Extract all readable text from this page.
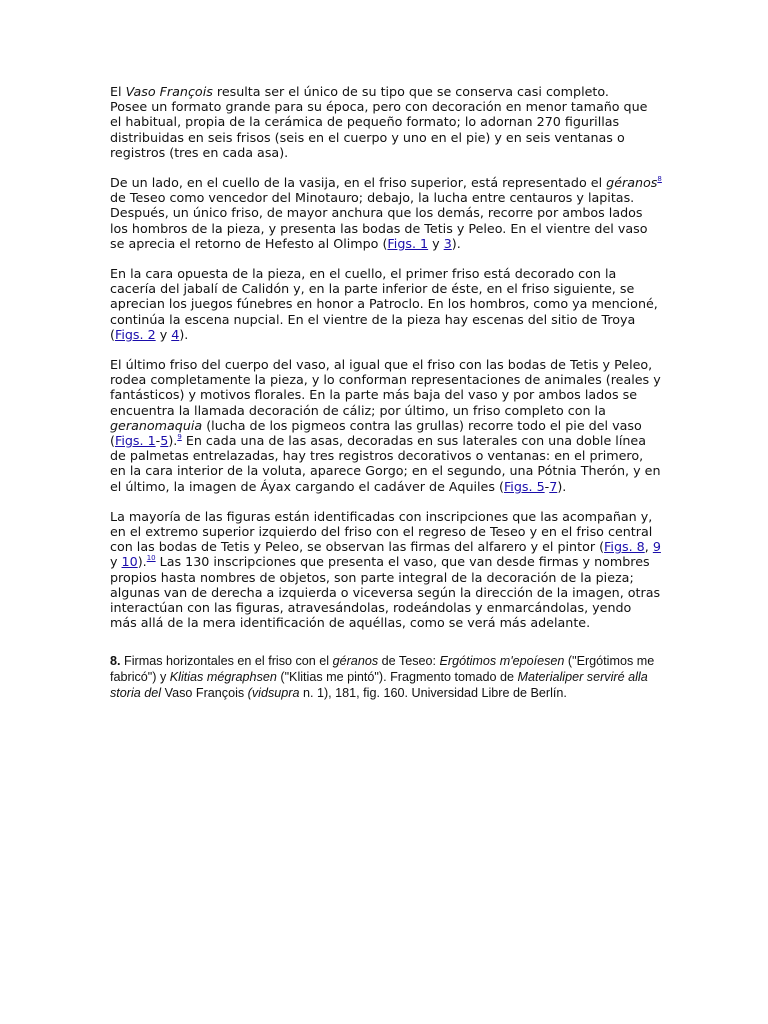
El Vaso François resulta ser el único de su tipo que se conserva casi completo.
Posee un formato grande para su época, pero con decoración en menor tamaño que
el habitual, propia de la cerámica de pequeño formato; lo adornan 270 figurillas
distribuidas en seis frisos (seis en el cuerpo y uno en el pie) y en seis ventanas o
registros (tres en cada asa).
De un lado, en el cuello de la vasija, en el friso superior, está representado el géranos$^8$ de Teseo como vencedor del Minotauro; debajo, la lucha entre centauros y lapitas. Después, un único friso, de mayor anchura que los demás, recorre por ambos lados los hombros de la pieza, y presenta las bodas de Tetis y Peleo. En el vientre del vaso se aprecia el retorno de Hefesto al Olimpo (Figs. 1 y 3).
En la cara opuesta de la pieza, en el cuello, el primer friso está decorado con la cacería del jabalí de Calidón y, en la parte inferior de éste, en el friso siguiente, se aprecian los juegos fúnebres en honor a Patroclo. En los hombros, como ya mencioné, continúa la escena nupcial. En el vientre de la pieza hay escenas del sitio de Troya (Figs. 2 y 4).
El último friso del cuerpo del vaso, al igual que el friso con las bodas de Tetis y Peleo, rodea completamente la pieza, y lo conforman representaciones de animales (reales y fantásticos) y motivos florales. En la parte más baja del vaso y por ambos lados se encuentra la llamada decoración de cáliz; por último, un friso completo con la geranomaquia (lucha de los pigmeos contra las grullas) recorre todo el pie del vaso (Figs. 1-5).$^9$ En cada una de las asas, decoradas en sus laterales con una doble línea de palmetas entrelazadas, hay tres registros decorativos o ventanas: en el primero, en la cara interior de la voluta, aparece Gorgo; en el segundo, una Pótnia Therón, y en el último, la imagen de Áyax cargando el cadáver de Aquiles (Figs. 5-7).
La mayoría de las figuras están identificadas con inscripciones que las acompañan y, en el extremo superior izquierdo del friso con el regreso de Teseo y en el friso central con las bodas de Tetis y Peleo, se observan las firmas del alfarero y el pintor (Figs. 8, 9 y 10).$^{10}$ Las 130 inscripciones que presenta el vaso, que van desde firmas y nombres propios hasta nombres de objetos, son parte integral de la decoración de la pieza; algunas van de derecha a izquierda o viceversa según la dirección de la imagen, otras interactúan con las figuras, atravesándolas, rodeándolas y enmarcándolas, yendo más allá de la mera identificación de aquéllas, como se verá más adelante.
8. Firmas horizontales en el friso con el géranos de Teseo: Ergótimos m'epoíesen ("Ergótimos me fabricó") y Klitias mégraphsen ("Klitias me pintó"). Fragmento tomado de Materialiper serviré alla storia del Vaso François (vidsupra n. 1), 181, fig. 160. Universidad Libre de Berlín.
